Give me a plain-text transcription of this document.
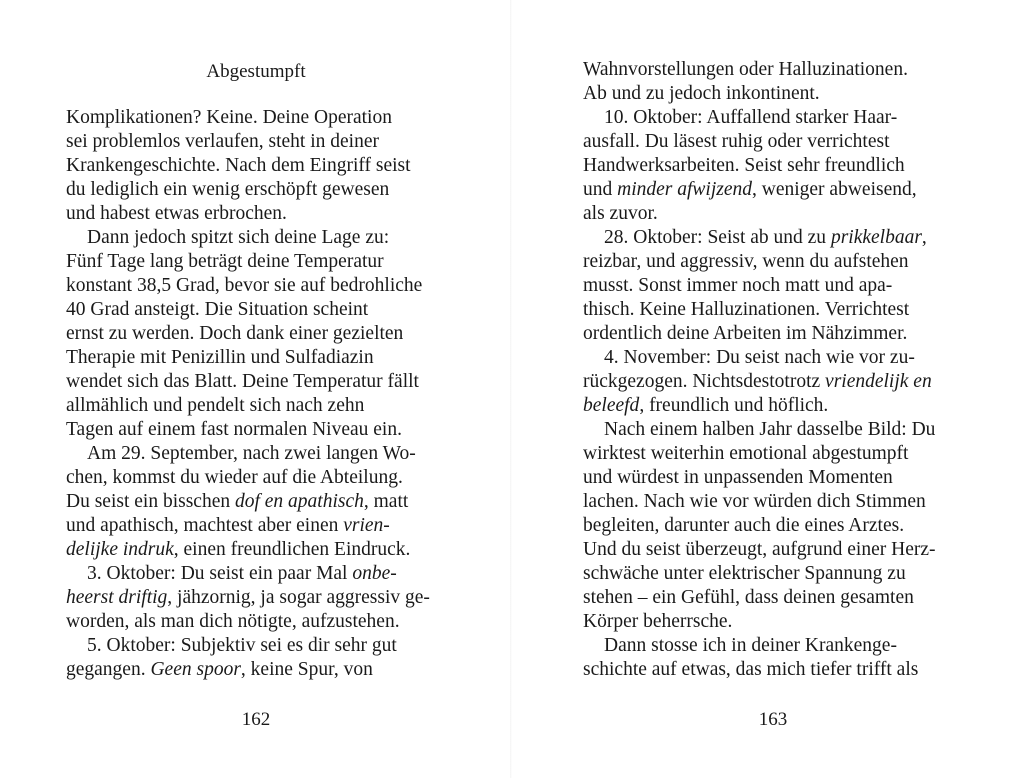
Abgestumpft
Komplikationen? Keine. Deine Operation
sei problemlos verlaufen, steht in deiner
Krankengeschichte. Nach dem Eingriff seist
du lediglich ein wenig erschöpft gewesen
und habest etwas erbrochen.
Dann jedoch spitzt sich deine Lage zu:
Fünf Tage lang beträgt deine Temperatur
konstant 38,5 Grad, bevor sie auf bedrohliche
40 Grad ansteigt. Die Situation scheint
ernst zu werden. Doch dank einer gezielten
Therapie mit Penizillin und Sulfadiazin
wendet sich das Blatt. Deine Temperatur fällt
allmählich und pendelt sich nach zehn
Tagen auf einem fast normalen Niveau ein.
Am 29. September, nach zwei langen Wo-
chen, kommst du wieder auf die Abteilung.
Du seist ein bisschen dof en apathisch, matt
und apathisch, machtest aber einen vrien-
delijke indruk, einen freundlichen Eindruck.
3. Oktober: Du seist ein paar Mal onbe-
heerst driftig, jähzornig, ja sogar aggressiv ge-
worden, als man dich nötigte, aufzustehen.
5. Oktober: Subjektiv sei es dir sehr gut
gegangen. Geen spoor, keine Spur, von
162
Wahnvorstellungen oder Halluzinationen.
Ab und zu jedoch inkontinent.
10. Oktober: Auffallend starker Haar-
ausfall. Du läsest ruhig oder verrichtest
Handwerksarbeiten. Seist sehr freundlich
und minder afwijzend, weniger abweisend,
als zuvor.
28. Oktober: Seist ab und zu prikkelbaar,
reizbar, und aggressiv, wenn du aufstehen
musst. Sonst immer noch matt und apa-
thisch. Keine Halluzinationen. Verrichtest
ordentlich deine Arbeiten im Nähzimmer.
4. November: Du seist nach wie vor zu-
rückgezogen. Nichtsdestotrotz vriendelijk en
beleefd, freundlich und höflich.
Nach einem halben Jahr dasselbe Bild: Du
wirktest weiterhin emotional abgestumpft
und würdest in unpassenden Momenten
lachen. Nach wie vor würden dich Stimmen
begleiten, darunter auch die eines Arztes.
Und du seist überzeugt, aufgrund einer Herz-
schwäche unter elektrischer Spannung zu
stehen – ein Gefühl, dass deinen gesamten
Körper beherrsche.
Dann stosse ich in deiner Krankenge-
schichte auf etwas, das mich tiefer trifft als
163
